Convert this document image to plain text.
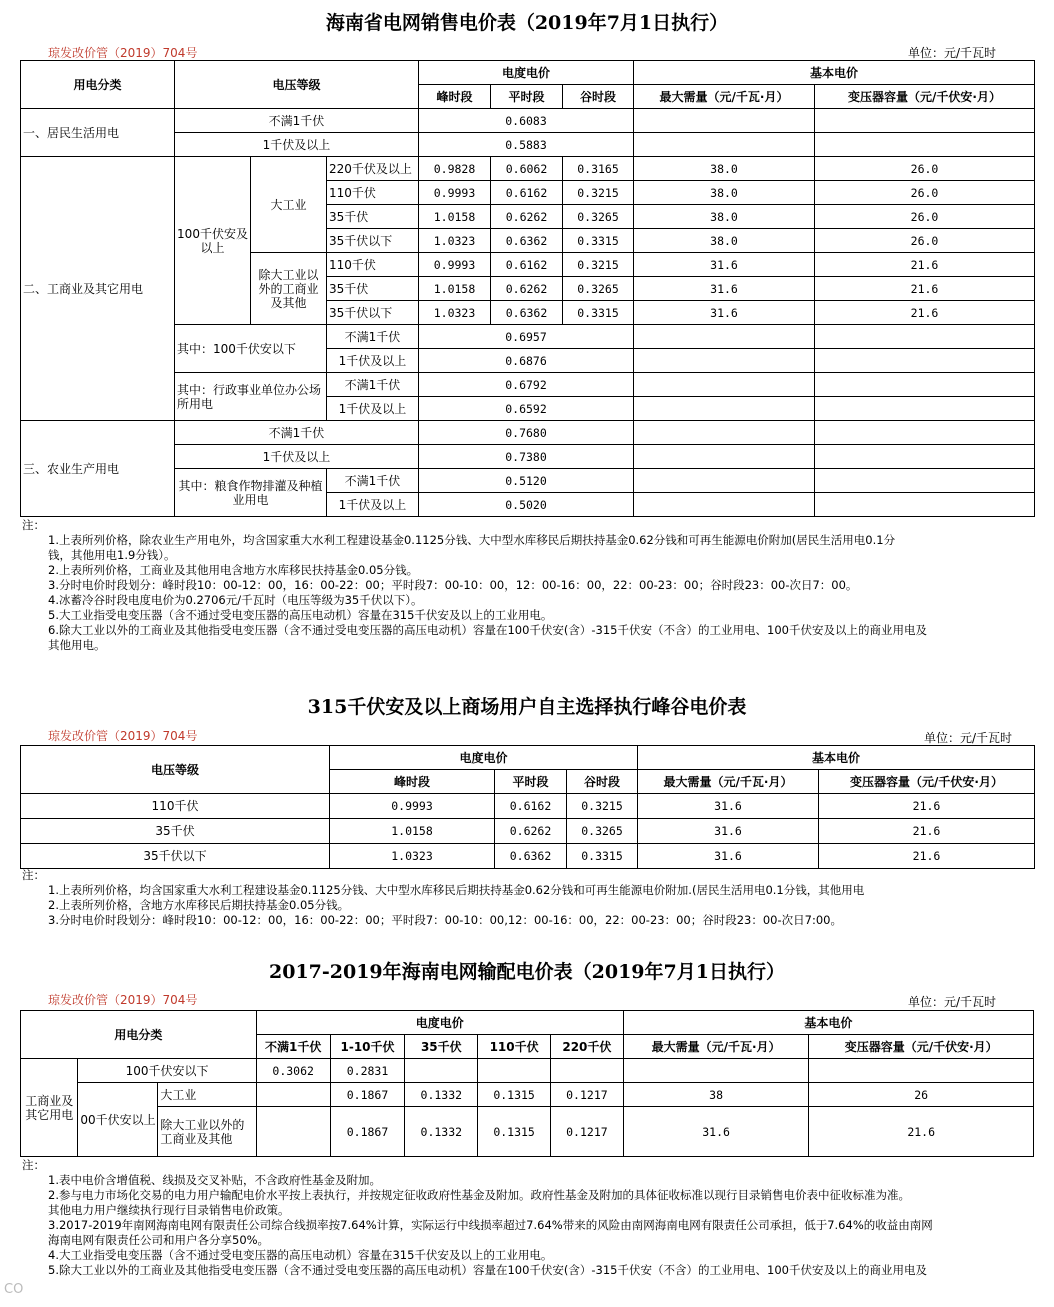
海南省电网销售电价表（2019年7月1日执行）
琼发改价管（2019）704号	单位：元/千瓦时
用电分类	电压等级			电度电价			基本电价	
				峰时段	平时段	谷时段	最大需量（元/千瓦·月）	变压器容量（元/千伏安·月）
一、居民生活用电	不满1千伏			0.6083				
	1千伏及以上			0.5883				
二、工商业及其它用电	100千伏安及以上	大工业	220千伏及以上	0.9828	0.6062	0.3165	38.0	26.0
			110千伏	0.9993	0.6162	0.3215	38.0	26.0
			35千伏	1.0158	0.6262	0.3265	38.0	26.0
			35千伏以下	1.0323	0.6362	0.3315	38.0	26.0
		除大工业以外的工商业及其他	110千伏	0.9993	0.6162	0.3215	31.6	21.6
			35千伏	1.0158	0.6262	0.3265	31.6	21.6
			35千伏以下	1.0323	0.6362	0.3315	31.6	21.6
	其中：100千伏安以下		不满1千伏	0.6957				
			1千伏及以上	0.6876				
	其中：行政事业单位办公场所用电		不满1千伏	0.6792				
			1千伏及以上	0.6592				
三、农业生产用电	不满1千伏			0.7680				
	1千伏及以上			0.7380				
	其中：粮食作物排灌及种植业用电		不满1千伏	0.5120				
			1千伏及以上	0.5020				
注：
1.上表所列价格，除农业生产用电外，均含国家重大水利工程建设基金0.1125分钱、大中型水库移民后期扶持基金0.62分钱和可再生能源电价附加(居民生活用电0.1分
钱，其他用电1.9分钱）。
2.上表所列价格，工商业及其他用电含地方水库移民扶持基金0.05分钱。
3.分时电价时段划分：峰时段10：00-12：00，16：00-22：00；平时段7：00-10：00，12：00-16：00，22：00-23：00；谷时段23：00-次日7：00。
4.冰蓄冷谷时段电度电价为0.2706元/千瓦时（电压等级为35千伏以下）。
5.大工业指受电变压器（含不通过受电变压器的高压电动机）容量在315千伏安及以上的工业用电。
6.除大工业以外的工商业及其他指受电变压器（含不通过受电变压器的高压电动机）容量在100千伏安(含）-315千伏安（不含）的工业用电、100千伏安及以上的商业用电及
其他用电。
315千伏安及以上商场用户自主选择执行峰谷电价表
琼发改价管（2019）704号	单位：元/千瓦时
电压等级	电度电价			基本电价	
	峰时段	平时段	谷时段	最大需量（元/千瓦·月）	变压器容量（元/千伏安·月）
110千伏	0.9993	0.6162	0.3215	31.6	21.6
35千伏	1.0158	0.6262	0.3265	31.6	21.6
35千伏以下	1.0323	0.6362	0.3315	31.6	21.6
注：
1.上表所列价格，均含国家重大水利工程建设基金0.1125分钱、大中型水库移民后期扶持基金0.62分钱和可再生能源电价附加.(居民生活用电0.1分钱，其他用电
2.上表所列价格，含地方水库移民后期扶持基金0.05分钱。
3.分时电价时段划分：峰时段10：00-12：00，16：00-22：00；平时段7：00-10：00,12：00-16：00，22：00-23：00；谷时段23：00-次日7:00。
2017-2019年海南电网输配电价表（2019年7月1日执行）
琼发改价管（2019）704号	单位：元/千瓦时
用电分类			电度电价					基本电价	
			不满1千伏	1-10千伏	35千伏	110千伏	220千伏	最大需量（元/千瓦·月）	变压器容量（元/千伏安·月）
工商业及其它用电	100千伏安以下		0.3062	0.2831					
	00千伏安以上	大工业		0.1867	0.1332	0.1315	0.1217	38	26
		除大工业以外的工商业及其他		0.1867	0.1332	0.1315	0.1217	31.6	21.6
注：
1.表中电价含增值税、线损及交叉补贴，不含政府性基金及附加。
2.参与电力市场化交易的电力用户输配电价水平按上表执行，并按规定征收政府性基金及附加。政府性基金及附加的具体征收标准以现行目录销售电价表中征收标准为准。
其他电力用户继续执行现行目录销售电价政策。
3.2017-2019年南网海南电网有限责任公司综合线损率按7.64%计算，实际运行中线损率超过7.64%带来的风险由南网海南电网有限责任公司承担，低于7.64%的收益由南网
海南电网有限责任公司和用户各分享50%。
4.大工业指受电变压器（含不通过受电变压器的高压电动机）容量在315千伏安及以上的工业用电。
5.除大工业以外的工商业及其他指受电变压器（含不通过受电变压器的高压电动机）容量在100千伏安(含）-315千伏安（不含）的工业用电、100千伏安及以上的商业用电及
CO
